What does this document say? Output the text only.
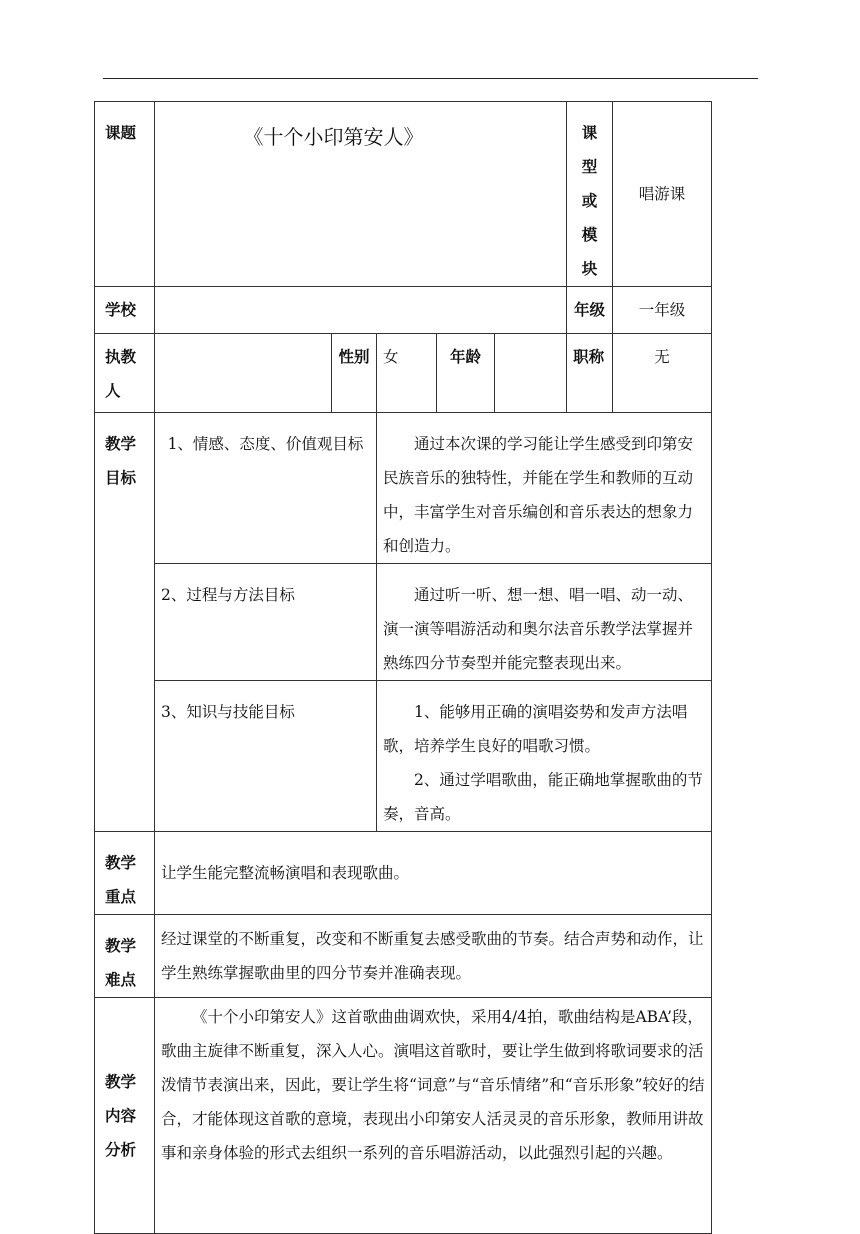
课题	《十个小印第安人》					课型或模块	唱游课
学校						年级	一年级
执教人		性别	女	年龄		职称	无
教学目标	1、情感、态度、价值观目标		通过本次课的学习能让学生感受到印第安民族音乐的独特性，并能在学生和教师的互动中，丰富学生对音乐编创和音乐表达的想象力和创造力。				

	2、过程与方法目标		通过听一听、想一想、唱一唱、动一动、演一演等唱游活动和奥尔法音乐教学法掌握并熟练四分节奏型并能完整表现出来。				

	3、知识与技能目标		1、能够用正确的演唱姿势和发声方法唱歌，培养学生良好的唱歌习惯。

2、通过学唱歌曲，能正确地掌握歌曲的节奏，音高。				

教学重点	让学生能完整流畅演唱和表现歌曲。						
教学难点	经过课堂的不断重复，改变和不断重复去感受歌曲的节奏。结合声势和动作，让学生熟练掌握歌曲里的四分节奏并准确表现。						
教学内容分析	《十个小印第安人》这首歌曲曲调欢快，采用4/4拍，歌曲结构是ABA’段，歌曲主旋律不断重复，深入人心。演唱这首歌时，要让学生做到将歌词要求的活泼情节表演出来，因此，要让学生将“词意”与“音乐情绪”和“音乐形象”较好的结合，才能体现这首歌的意境，表现出小印第安人活灵灵的音乐形象，教师用讲故事和亲身体验的形式去组织一系列的音乐唱游活动，以此强烈引起的兴趣。						
